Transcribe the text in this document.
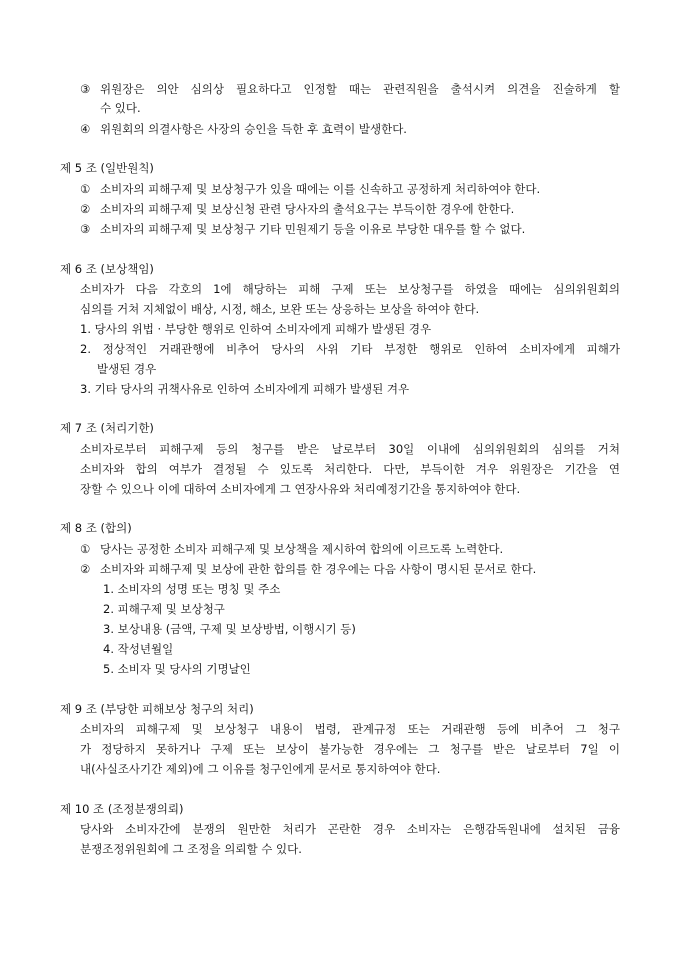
③ 위원장은 의안 심의상 필요하다고 인정할 때는 관련직원을 출석시켜 의견을 진술하게 할
수 있다.
④ 위원회의 의결사항은 사장의 승인을 득한 후 효력이 발생한다.
제 5 조 (일반원칙)
① 소비자의 피해구제 및 보상청구가 있을 때에는 이를 신속하고 공정하게 처리하여야 한다.
② 소비자의 피해구제 및 보상신청 관련 당사자의 출석요구는 부득이한 경우에 한한다.
③ 소비자의 피해구제 및 보상청구 기타 민원제기 등을 이유로 부당한 대우를 할 수 없다.
제 6 조 (보상책임)
소비자가 다음 각호의 1에 해당하는 피해 구제 또는 보상청구를 하였을 때에는 심의위원회의
심의를 거쳐 지체없이 배상, 시정, 해소, 보완 또는 상응하는 보상을 하여야 한다.
1. 당사의 위법 · 부당한 행위로 인하여 소비자에게 피해가 발생된 경우
2. 정상적인 거래관행에 비추어 당사의 사위 기타 부정한 행위로 인하여 소비자에게 피해가
발생된 경우
3. 기타 당사의 귀책사유로 인하여 소비자에게 피해가 발생된 겨우
제 7 조 (처리기한)
소비자로부터 피해구제 등의 청구를 받은 날로부터 30일 이내에 심의위원회의 심의를 거쳐
소비자와 합의 여부가 결정될 수 있도록 처리한다. 다만, 부득이한 겨우 위원장은 기간을 연
장할 수 있으나 이에 대하여 소비자에게 그 연장사유와 처리예정기간을 통지하여야 한다.
제 8 조 (합의)
① 당사는 공정한 소비자 피해구제 및 보상책을 제시하여 합의에 이르도록 노력한다.
② 소비자와 피해구제 및 보상에 관한 합의를 한 경우에는 다음 사항이 명시된 문서로 한다.
1. 소비자의 성명 또는 명칭 및 주소
2. 피해구제 및 보상청구
3. 보상내용 (금액, 구제 및 보상방법, 이행시기 등)
4. 작성년월일
5. 소비자 및 당사의 기명날인
제 9 조 (부당한 피해보상 청구의 처리)
소비자의 피해구제 및 보상청구 내용이 법령, 관계규정 또는 거래관행 등에 비추어 그 청구
가 정당하지 못하거나 구제 또는 보상이 불가능한 경우에는 그 청구를 받은 날로부터 7일 이
내(사실조사기간 제외)에 그 이유를 청구인에게 문서로 통지하여야 한다.
제 10 조 (조정분쟁의뢰)
당사와 소비자간에 분쟁의 원만한 처리가 곤란한 경우 소비자는 은행감독원내에 설치된 금융
분쟁조정위원회에 그 조정을 의뢰할 수 있다.
